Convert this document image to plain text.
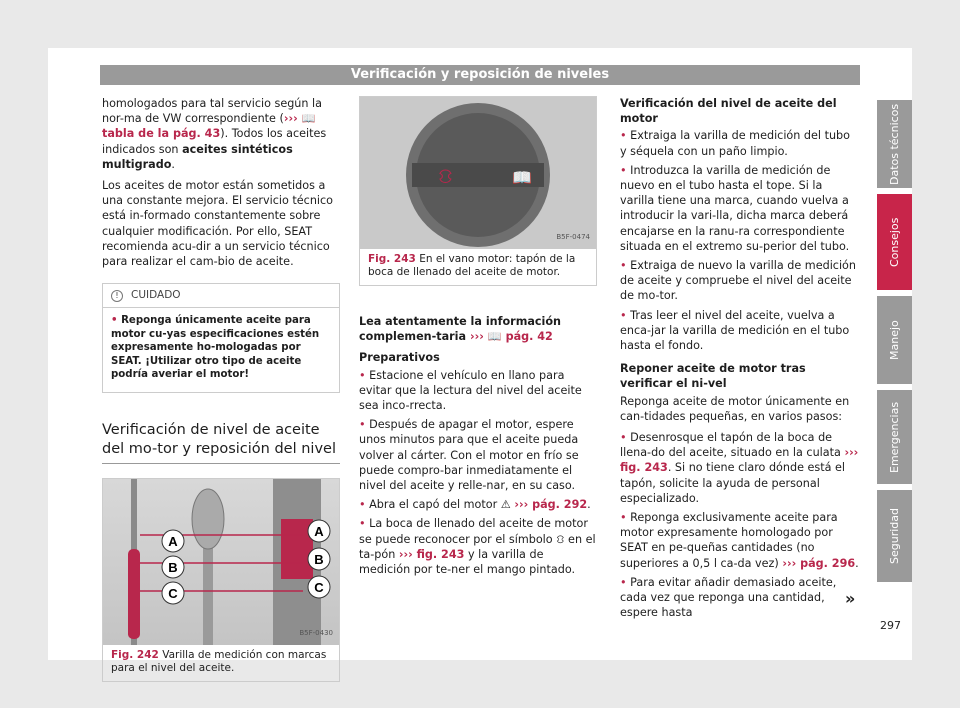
Verificación y reposición de niveles

homologados para tal servicio según la nor-ma de VW correspondiente (››› 📖 tabla de la pág. 43). Todos los aceites indicados son aceites sintéticos multigrado.

Los aceites de motor están sometidos a una constante mejora. El servicio técnico está in-formado constantemente sobre cualquier modificación. Por ello, SEAT recomienda acu-dir a un servicio técnico para realizar el cam-bio de aceite.

! CUIDADO
• Reponga únicamente aceite para motor cu-yas especificaciones estén expresamente ho-mologadas por SEAT. ¡Utilizar otro tipo de aceite podría averiar el motor!
Verificación de nivel de aceite del mo-tor y reposición del nivel
A
B
C
A
B
C
B5F-0430
Fig. 242 Varilla de medición con marcas para el nivel del aceite.
⛻	📖
B5F-0474
Fig. 243 En el vano motor: tapón de la boca de llenado del aceite de motor.

Lea atentamente la información complemen-taria ››› 📖 pág. 42

Preparativos

• Estacione el vehículo en llano para evitar que la lectura del nivel del aceite sea inco-rrecta.
• Después de apagar el motor, espere unos minutos para que el aceite pueda volver al cárter. Con el motor en frío se puede compro-bar inmediatamente el nivel del aceite y relle-nar, en su caso.
• Abra el capó del motor ⚠ ››› pág. 292.
• La boca de llenado del aceite de motor se puede reconocer por el símbolo ⛻ en el ta-pón ››› fig. 243 y la varilla de medición por te-ner el mango pintado.

Verificación del nivel de aceite del motor

• Extraiga la varilla de medición del tubo y séquela con un paño limpio.
• Introduzca la varilla de medición de nuevo en el tubo hasta el tope. Si la varilla tiene una marca, cuando vuelva a introducir la vari-lla, dicha marca deberá encajarse en la ranu-ra correspondiente situada en el extremo su-perior del tubo.
• Extraiga de nuevo la varilla de medición de aceite y compruebe el nivel del aceite de mo-tor.
• Tras leer el nivel del aceite, vuelva a enca-jar la varilla de medición en el tubo hasta el fondo.

Reponer aceite de motor tras verificar el ni-vel

Reponga aceite de motor únicamente en can-tidades pequeñas, en varios pasos:

• Desenrosque el tapón de la boca de llena-do del aceite, situado en la culata ››› fig. 243. Si no tiene claro dónde está el tapón, solicite la ayuda de personal especializado.
• Reponga exclusivamente aceite para motor expresamente homologado por SEAT en pe-queñas cantidades (no superiores a 0,5 l ca-da vez) ››› pág. 296.
• Para evitar añadir demasiado aceite, cada vez que reponga una cantidad, espere hasta
»
Datos técnicos
Consejos
Manejo
Emergencias
Seguridad
297
